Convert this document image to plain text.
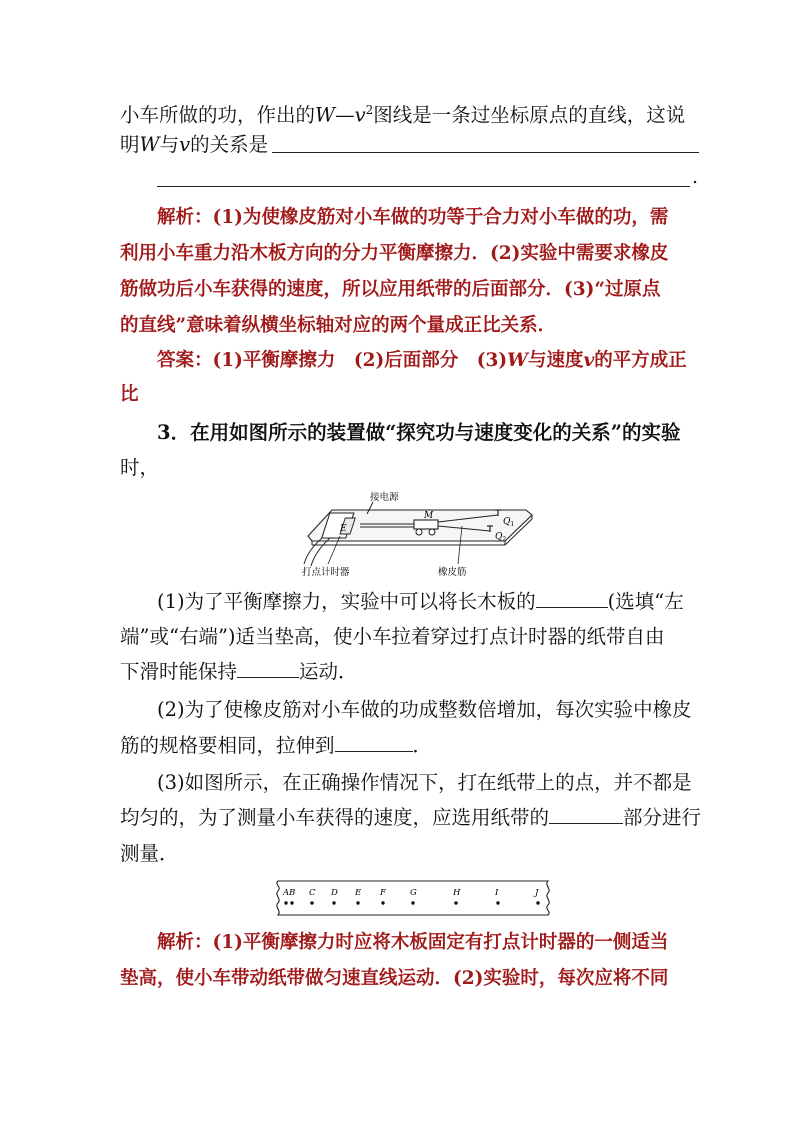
小车所做的功，作出的$W—v^2$图线是一条过坐标原点的直线，这说
明W与v的关系是
.
解析：(1)为使橡皮筋对小车做的功等于合力对小车做的功，需
利用小车重力沿木板方向的分力平衡摩擦力．(2)实验中需要求橡皮
筋做功后小车获得的速度，所以应用纸带的后面部分．(3)“过原点
的直线”意味着纵横坐标轴对应的两个量成正比关系．
答案：(1)平衡摩擦力　(2)后面部分　(3)W与速度v的平方成正
比
3．在用如图所示的装置做“探究功与速度变化的关系”的实验
时，
E
接电源
M
$Q_1$
$Q_2$
打点计时器	橡皮筋
(1)为了平衡摩擦力，实验中可以将长木板的	(选填“左
端”或“右端”)适当垫高，使小车拉着穿过打点计时器的纸带自由
下滑时能保持	运动．
(2)为了使橡皮筋对小车做的功成整数倍增加，每次实验中橡皮
筋的规格要相同，拉伸到	．
(3)如图所示，在正确操作情况下，打在纸带上的点，并不都是
均匀的，为了测量小车获得的速度，应选用纸带的	部分进行
测量．
A B C D E F	G	H	I	J
解析：(1)平衡摩擦力时应将木板固定有打点计时器的一侧适当
垫高，使小车带动纸带做匀速直线运动．(2)实验时，每次应将不同
